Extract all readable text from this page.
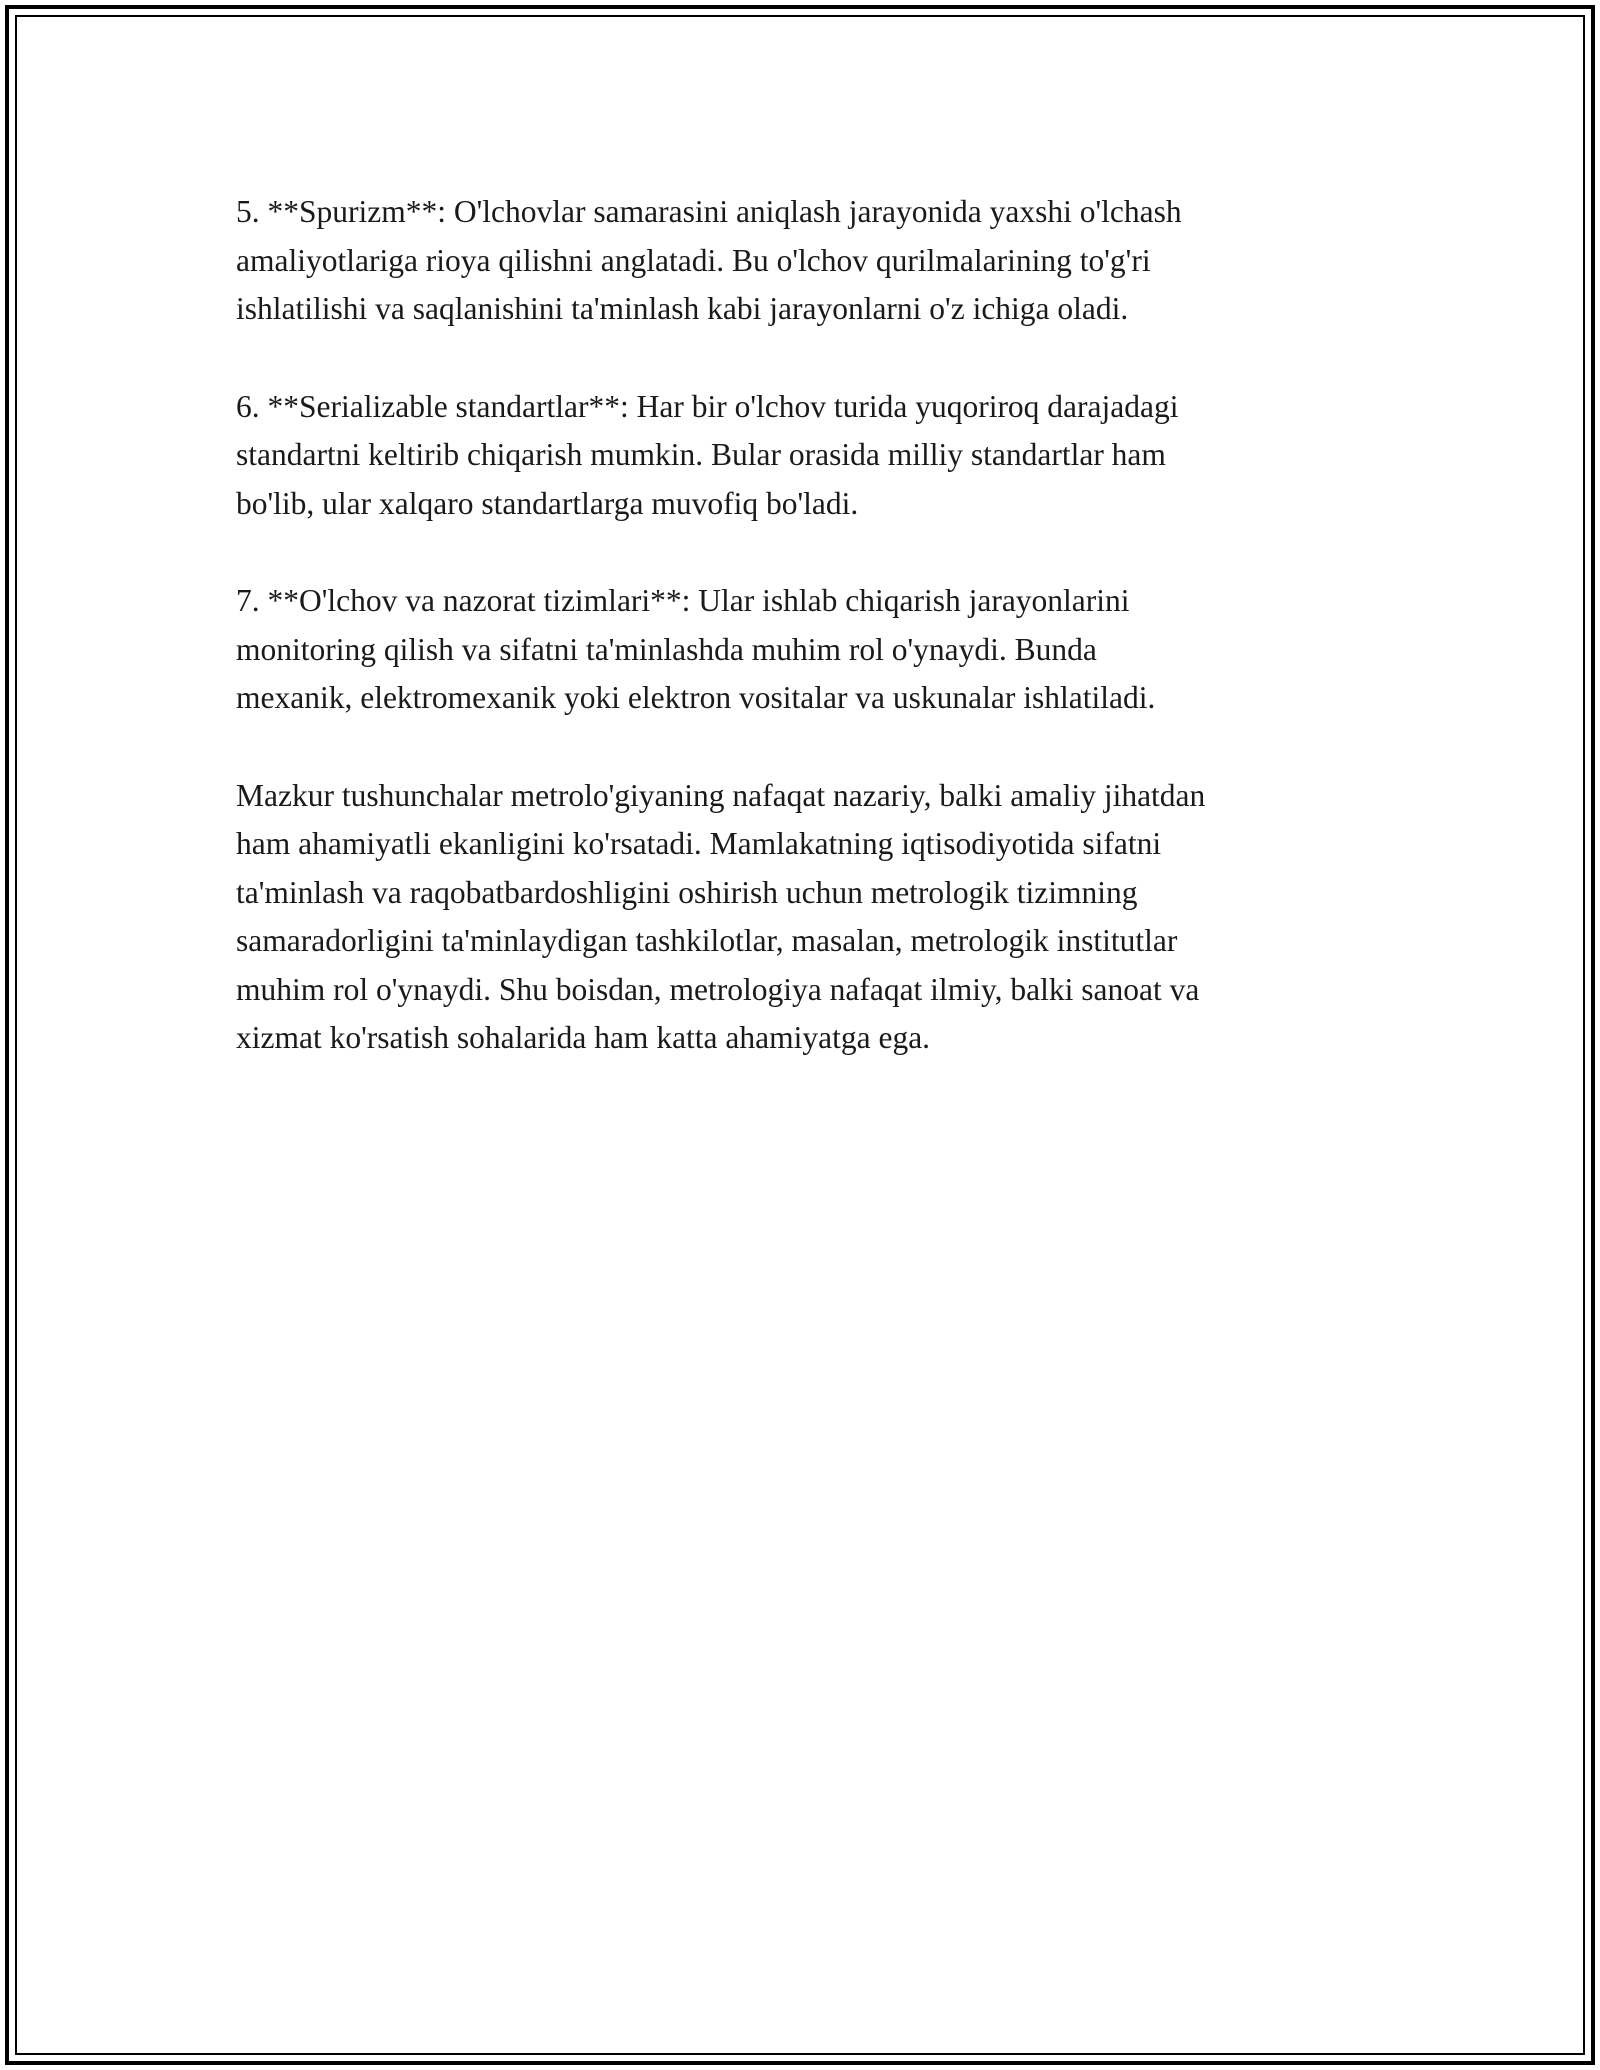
5. **Spurizm**: O'lchovlar samarasini aniqlash jarayonida yaxshi o'lchash
amaliyotlariga rioya qilishni anglatadi. Bu o'lchov qurilmalarining to'g'ri
ishlatilishi va saqlanishini ta'minlash kabi jarayonlarni o'z ichiga oladi.

6. **Serializable standartlar**: Har bir o'lchov turida yuqoriroq darajadagi
standartni keltirib chiqarish mumkin. Bular orasida milliy standartlar ham
bo'lib, ular xalqaro standartlarga muvofiq bo'ladi.

7. **O'lchov va nazorat tizimlari**: Ular ishlab chiqarish jarayonlarini
monitoring qilish va sifatni ta'minlashda muhim rol o'ynaydi. Bunda
mexanik, elektromexanik yoki elektron vositalar va uskunalar ishlatiladi.

Mazkur tushunchalar metrolo'giyaning nafaqat nazariy, balki amaliy jihatdan
ham ahamiyatli ekanligini ko'rsatadi. Mamlakatning iqtisodiyotida sifatni
ta'minlash va raqobatbardoshligini oshirish uchun metrologik tizimning
samaradorligini ta'minlaydigan tashkilotlar, masalan, metrologik institutlar
muhim rol o'ynaydi. Shu boisdan, metrologiya nafaqat ilmiy, balki sanoat va
xizmat ko'rsatish sohalarida ham katta ahamiyatga ega.
